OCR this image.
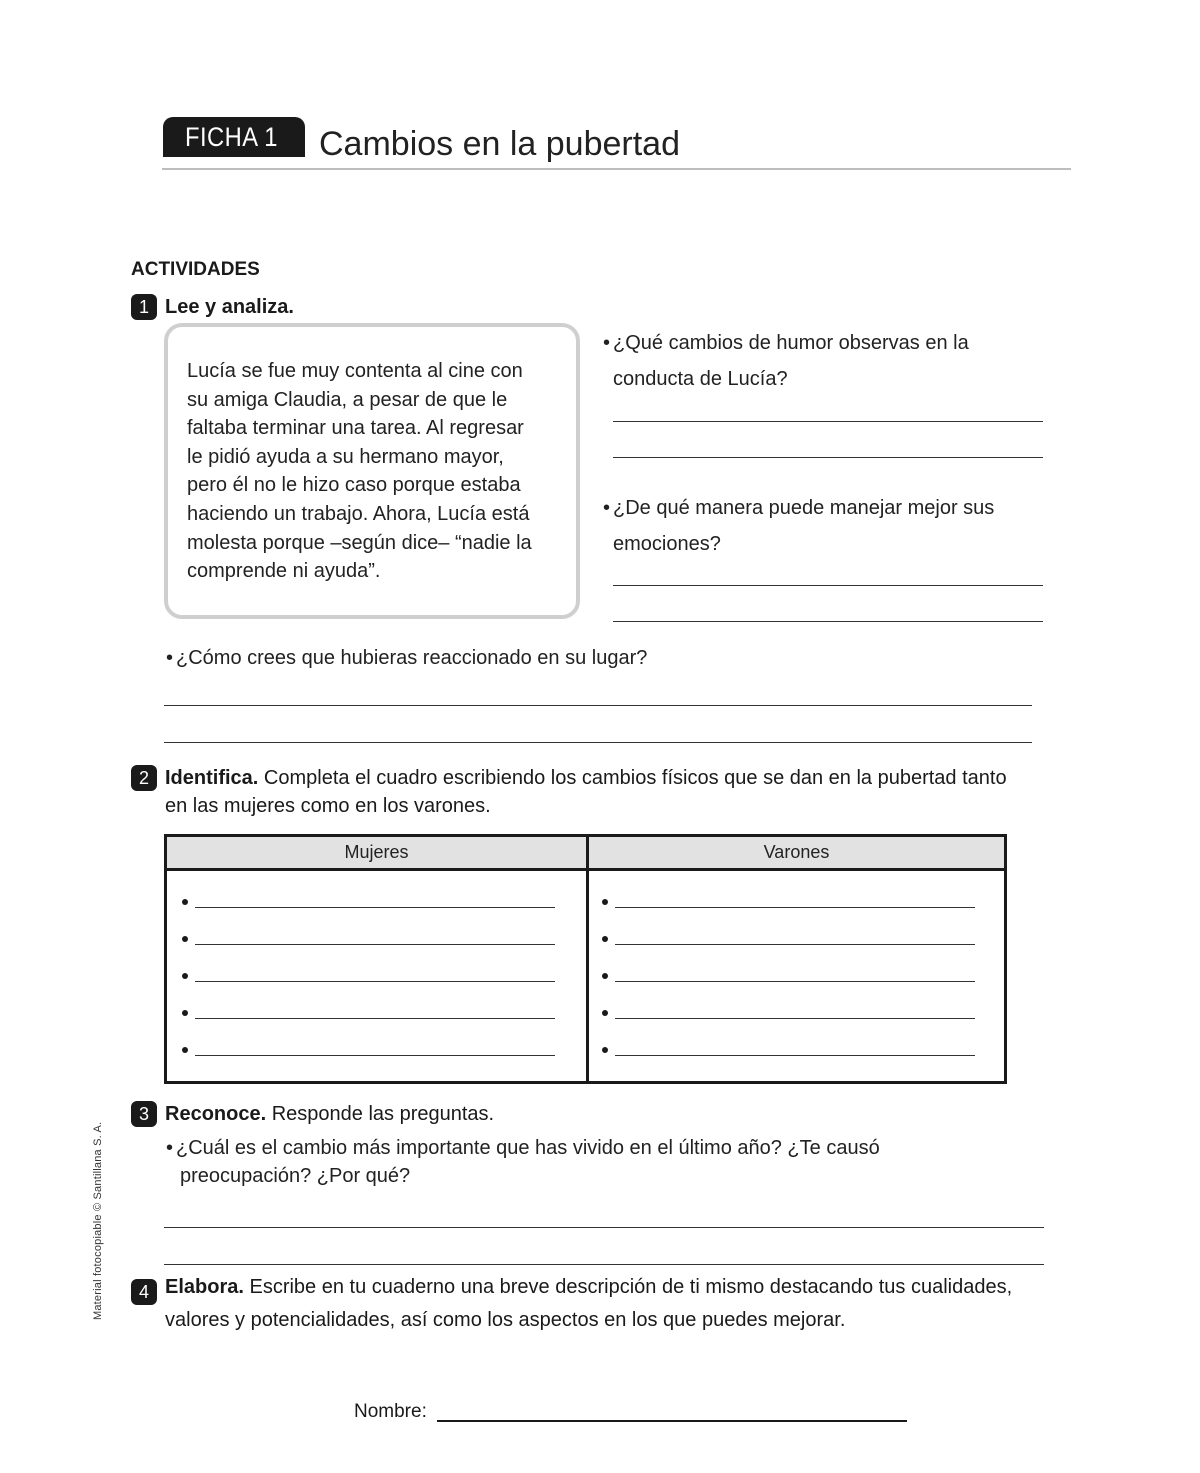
FICHA 1	Cambios en la pubertad
ACTIVIDADES
1 Lee y analiza.

Lucía se fue muy contenta al cine con

su amiga Claudia, a pesar de que le

faltaba terminar una tarea. Al regresar

le pidió ayuda a su hermano mayor,

pero él no le hizo caso porque estaba

haciendo un trabajo. Ahora, Lucía está

molesta porque –según dice– “nadie la

comprende ni ayuda”.

• ¿Qué cambios de humor observas en la
conducta de Lucía?
• ¿De qué manera puede manejar mejor sus
emociones?
• ¿Cómo crees que hubieras reaccionado en su lugar?
2 Identifica. Completa el cuadro escribiendo los cambios físicos que se dan en la pubertad tanto
en las mujeres como en los varones.
Mujeres	Varones
3 Reconoce. Responde las preguntas.
• ¿Cuál es el cambio más importante que has vivido en el último año? ¿Te causó
preocupación? ¿Por qué?
4 Elabora. Escribe en tu cuaderno una breve descripción de ti mismo destacando tus cualidades,
valores y potencialidades, así como los aspectos en los que puedes mejorar.
Material fotocopiable © Santillana S. A.
Nombre:
